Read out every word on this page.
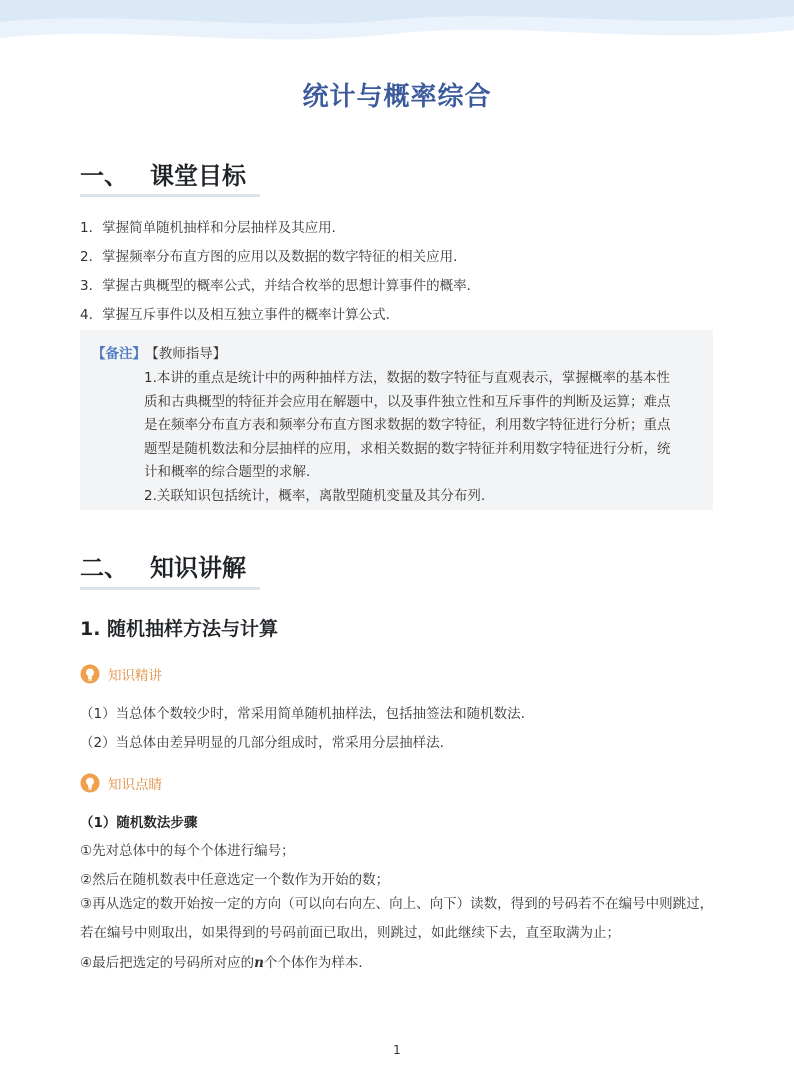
统计与概率综合
一、 课堂目标
1．掌握简单随机抽样和分层抽样及其应用．
2．掌握频率分布直方图的应用以及数据的数字特征的相关应用．
3．掌握古典概型的概率公式，并结合枚举的思想计算事件的概率．
4．掌握互斥事件以及相互独立事件的概率计算公式．
【备注】 【教师指导】
1.本讲的重点是统计中的两种抽样方法，数据的数字特征与直观表示，掌握概率的基本性
质和古典概型的特征并会应用在解题中，以及事件独立性和互斥事件的判断及运算；难点
是在频率分布直方表和频率分布直方图求数据的数字特征，利用数字特征进行分析；重点
题型是随机数法和分层抽样的应用，求相关数据的数字特征并利用数字特征进行分析，统
计和概率的综合题型的求解.
2.关联知识包括统计，概率，离散型随机变量及其分布列.
二、 知识讲解
1. 随机抽样方法与计算
知识精讲
（1）当总体个数较少时，常采用简单随机抽样法，包括抽签法和随机数法.
（2）当总体由差异明显的几部分组成时，常采用分层抽样法.
知识点睛
（1）随机数法步骤
①先对总体中的每个个体进行编号；
②然后在随机数表中任意选定一个数作为开始的数；
③再从选定的数开始按一定的方向（可以向右向左、向上、向下）读数，得到的号码若不在编号中则跳过，若在编号中则取出，如果得到的号码前面已取出，则跳过，如此继续下去，直至取满为止；
④最后把选定的号码所对应的n个个体作为样本．
1
